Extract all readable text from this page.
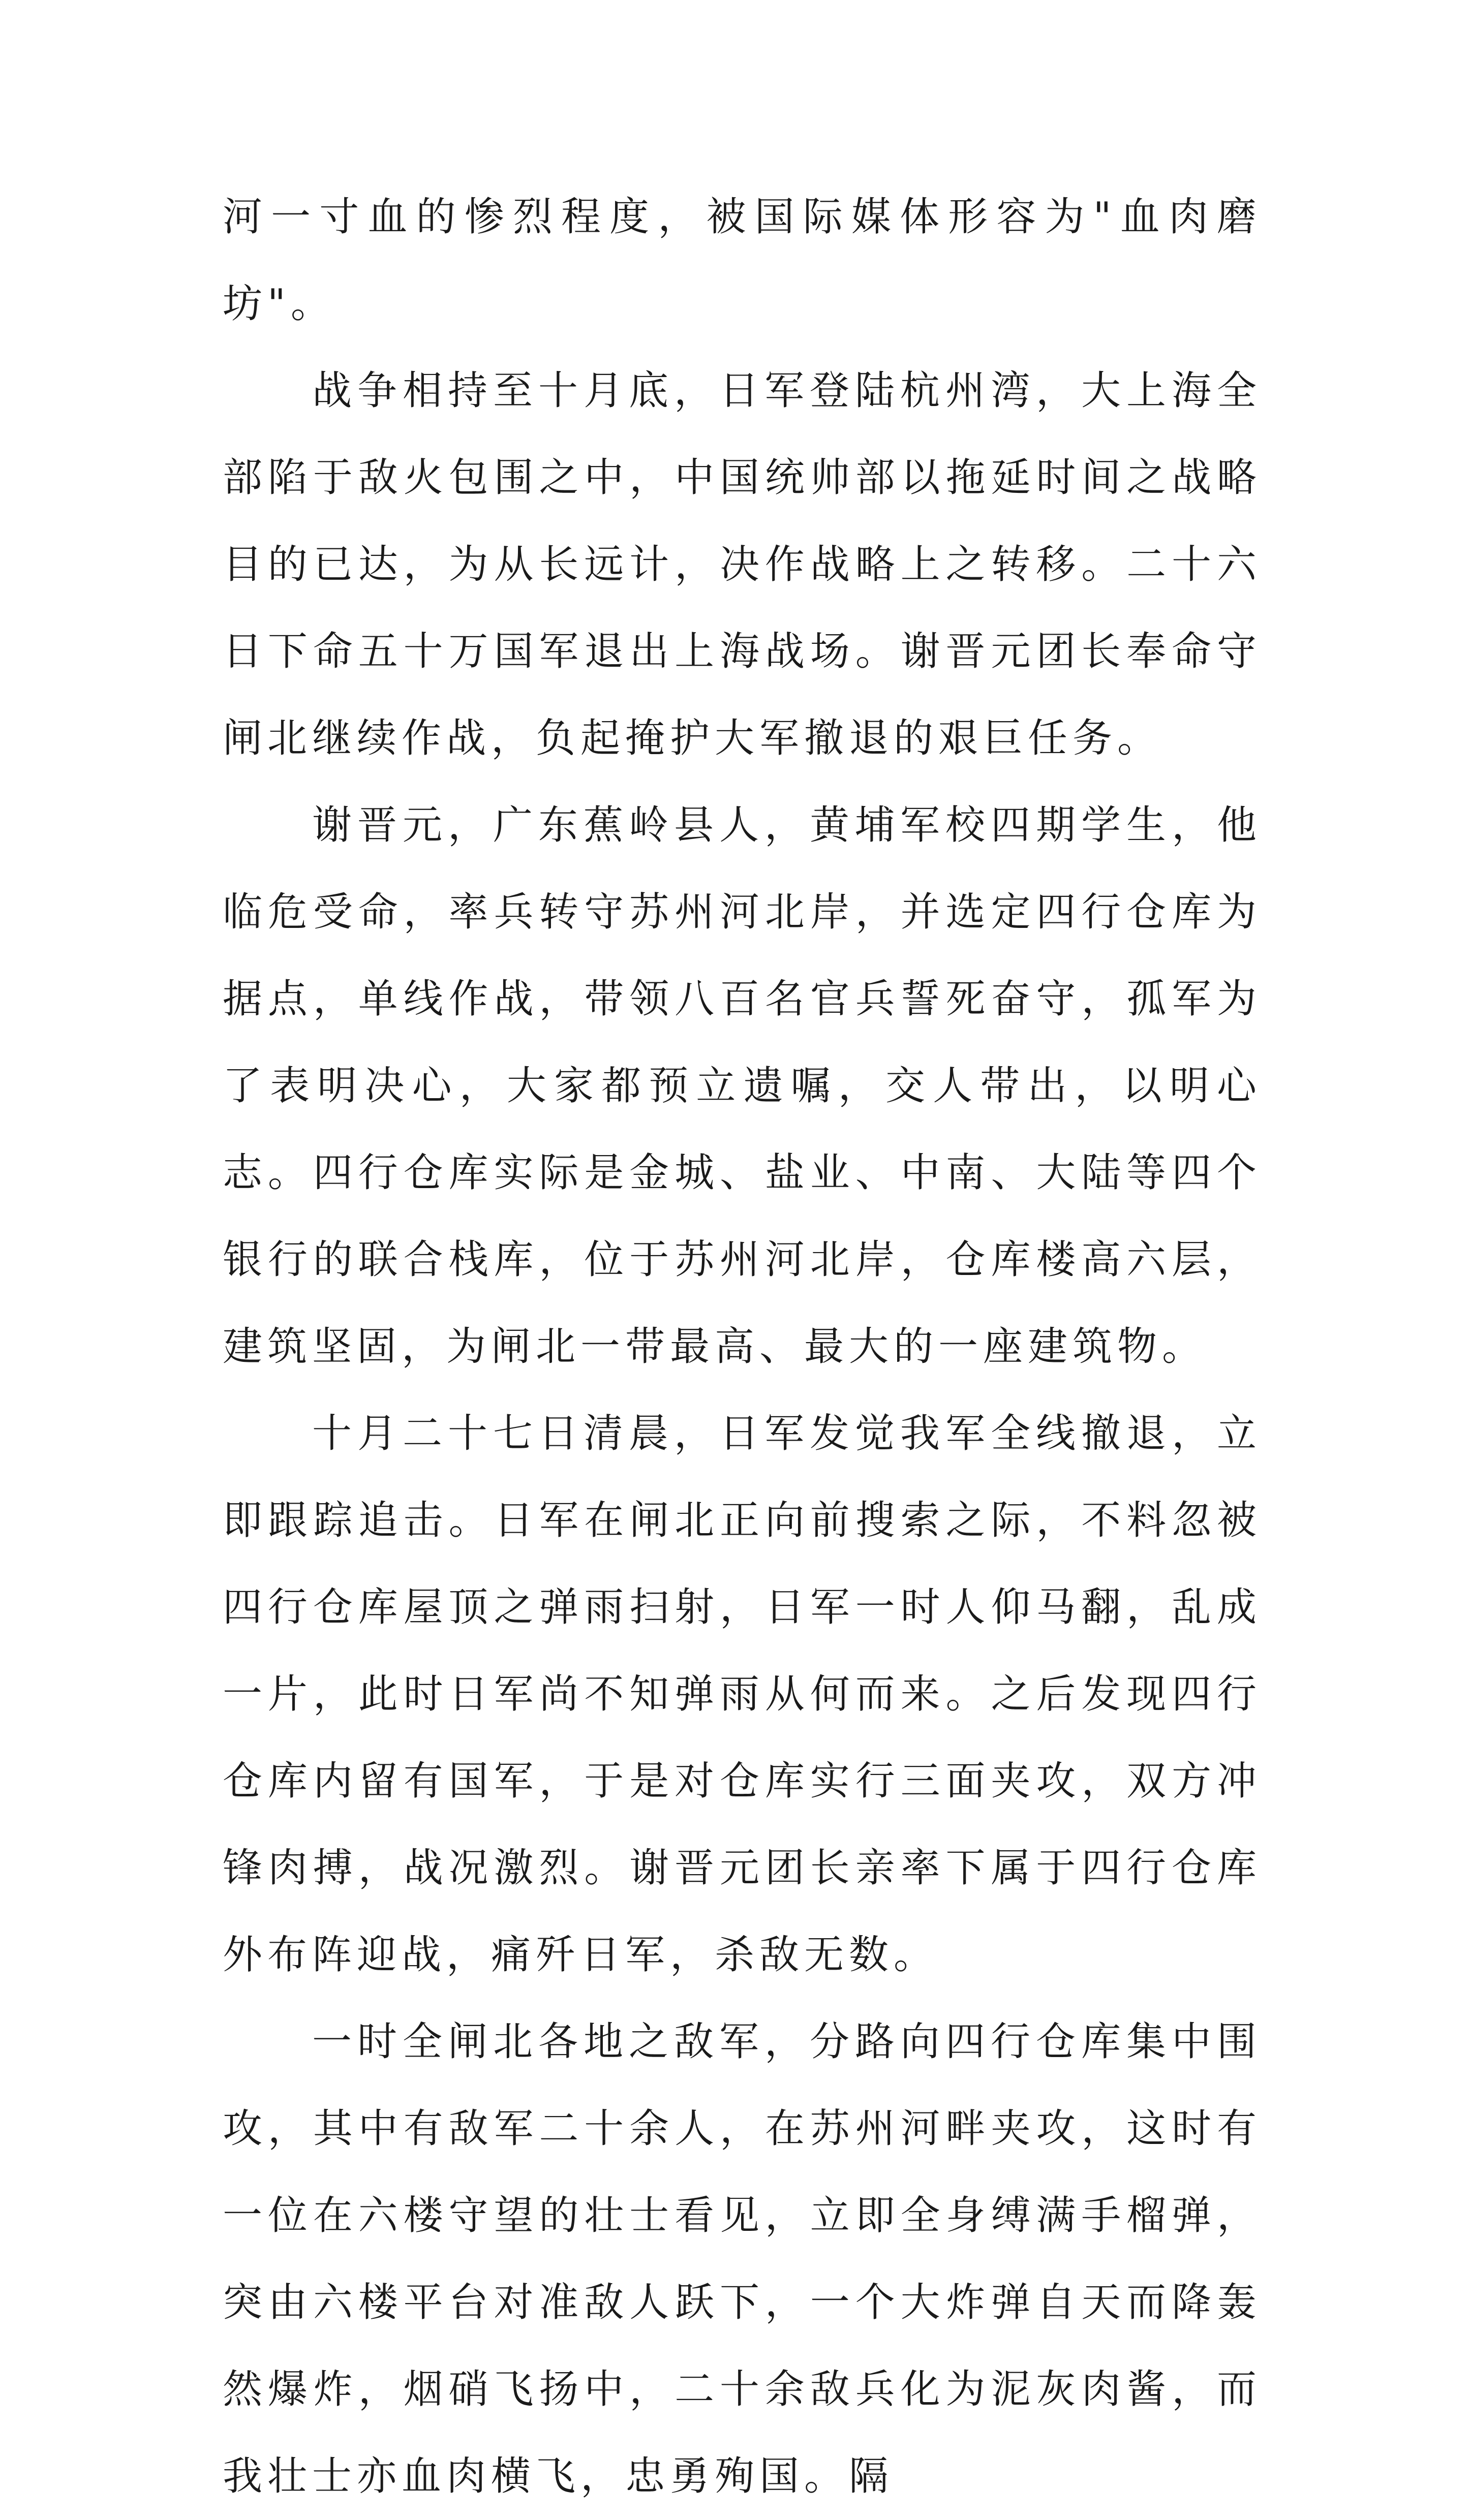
河一寸血的惨烈程度，被国际媒体形容为"血肉磨坊"。

战争相持至十月底，日军登陆杭州湾，大上海全部陷于敌火包围之中，中国统帅部以拖延时间之战略目的已达，为从长远计，决作战略上之转移。二十六日下命五十万国军退出上海战场。谢晋元团长奉命守闸北继续作战，负起掩护大军撤退的艰巨任务。

谢晋元，广东蕉岭县人，黄埔军校四期学生，他临危受命，率兵转守苏州河北岸，并选定四行仓库为据点，单线作战，带领八百名官兵誓死奋守，孤军为了表明决心，大家都预立遗嘱，交人带出，以明心志。四行仓库实际是金城、盐业、中南、大陆等四个银行的联合栈库，位于苏州河北岸，仓库楼高六层，建筑坚固，为闸北一带最高、最大的一座建筑物。

十月二十七日清晨，日军发觉我军全线撤退，立即跟踪追击。日军在闸北正向前搜索之际，不料忽被四行仓库屋顶之弹雨扫射，日军一时人仰马翻，乱成一片，此时日军尚不知弹雨从何而来。之后发现四行仓库内留有国军，于是对仓库实行三面夹攻，双方冲锋肉搏，战况激烈。谢晋元团长亲率下属于四行仓库外布阵迎战，痛歼日军，杀敌无数。

一时全闸北各地之敌军，分路向四行仓库集中围攻，其中有敌军二十余人，在苏州河畔夹攻，这时有一位在六楼守望的壮士看见，立即全身缚满手榴弹，突由六楼平台对准敌人跃下，一个大炸弹自天而降轰然爆炸，烟硝飞扬中，二十余敌兵化为泥灰肉酱，而我壮士亦血肉横飞，忠勇殉国。隔
